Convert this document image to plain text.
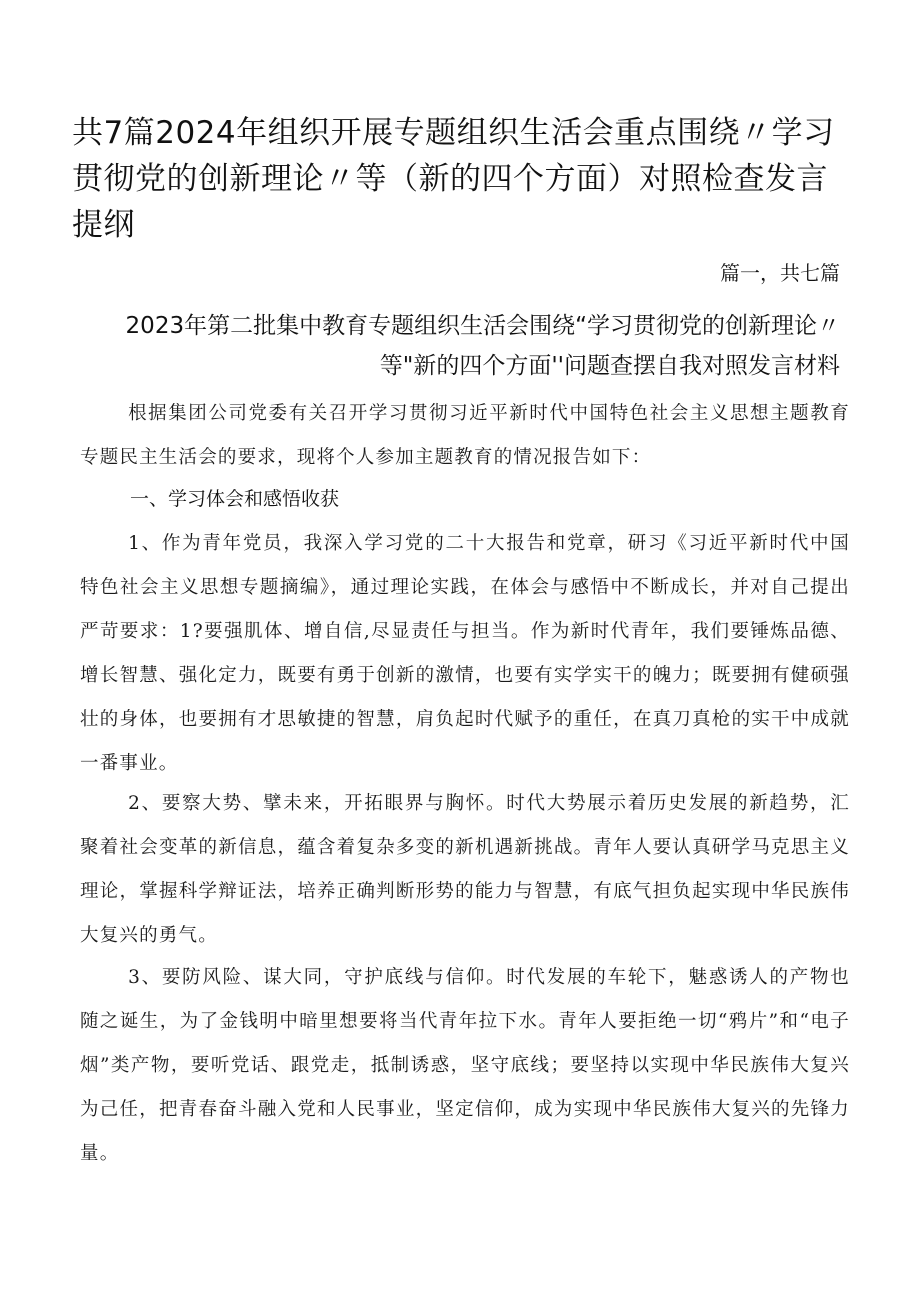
共7篇2024年组织开展专题组织生活会重点围绕〃学习贯彻党的创新理论〃等（新的四个方面）对照检查发言提纲
篇一，共七篇
2023年第二批集中教育专题组织生活会围绕“学习贯彻党的创新理论〃等"新的四个方面''问题查摆自我对照发言材料

根据集团公司党委有关召开学习贯彻习近平新时代中国特色社会主义思想主题教育专题民主生活会的要求，现将个人参加主题教育的情况报告如下：

一、学习体会和感悟收获

1、作为青年党员，我深入学习党的二十大报告和党章，研习《习近平新时代中国特色社会主义思想专题摘编》，通过理论实践，在体会与感悟中不断成长，并对自己提出严苛要求：1?要强肌体、增自信,尽显责任与担当。作为新时代青年，我们要锤炼品德、增长智慧、强化定力，既要有勇于创新的激情，也要有实学实干的魄力；既要拥有健硕强壮的身体，也要拥有才思敏捷的智慧，肩负起时代赋予的重任，在真刀真枪的实干中成就一番事业。

2、要察大势、擘未来，开拓眼界与胸怀。时代大势展示着历史发展的新趋势，汇聚着社会变革的新信息，蕴含着复杂多变的新机遇新挑战。青年人要认真研学马克思主义理论，掌握科学辩证法，培养正确判断形势的能力与智慧，有底气担负起实现中华民族伟大复兴的勇气。

3、要防风险、谋大同，守护底线与信仰。时代发展的车轮下，魅惑诱人的产物也随之诞生，为了金钱明中暗里想要将当代青年拉下水。青年人要拒绝一切“鸦片”和“电子烟”类产物，要听党话、跟党走，抵制诱惑，坚守底线；要坚持以实现中华民族伟大复兴为己任，把青春奋斗融入党和人民事业，坚定信仰，成为实现中华民族伟大复兴的先锋力量。
